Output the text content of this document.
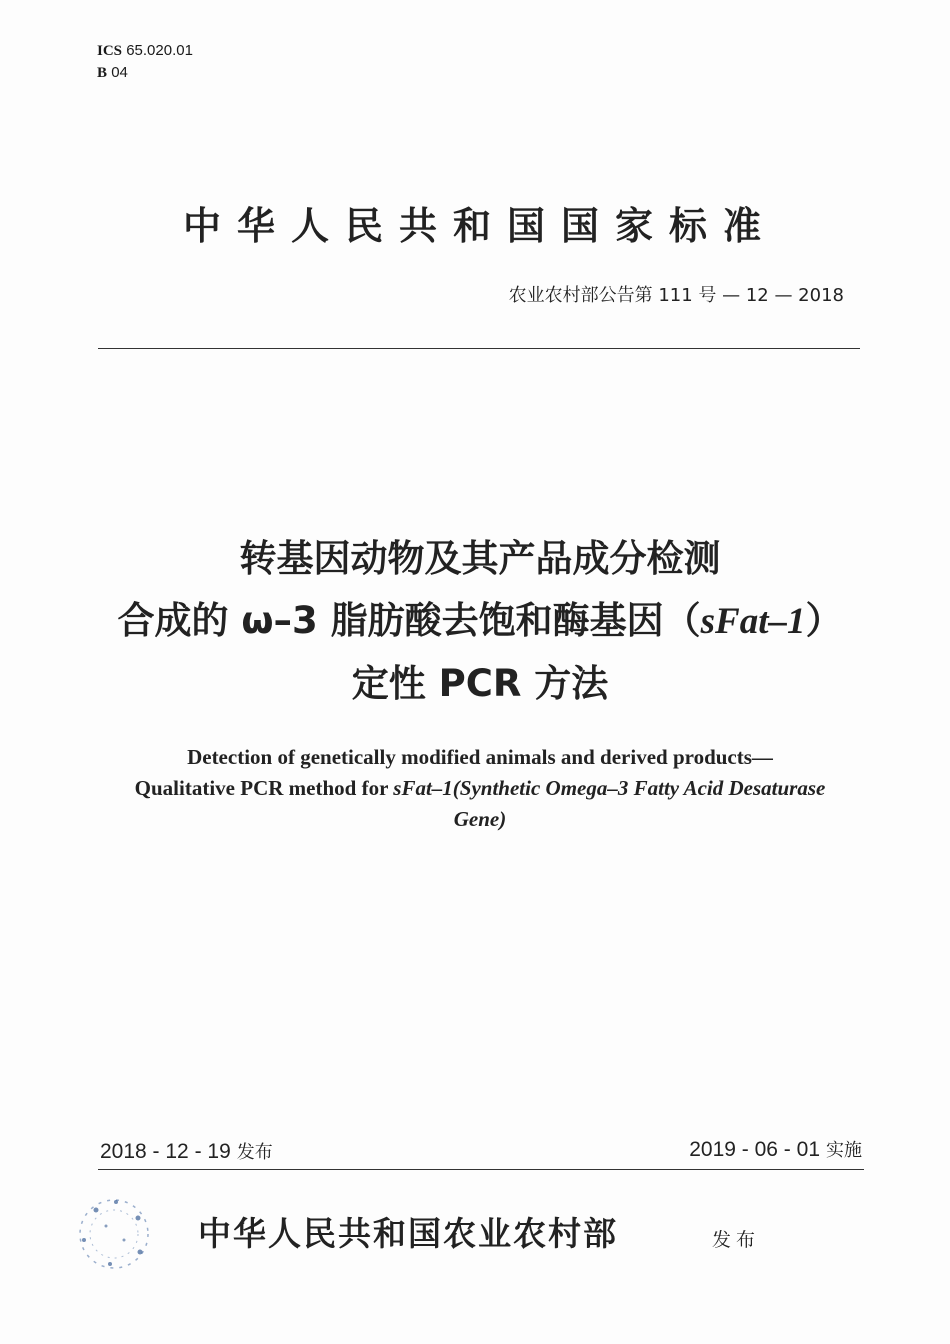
ICS 65.020.01
B 04
中华人民共和国国家标准
农业农村部公告第 111 号 — 12 — 2018
转基因动物及其产品成分检测
合成的 ω–3 脂肪酸去饱和酶基因（sFat–1）
定性 PCR 方法
Detection of genetically modified animals and derived products—
Qualitative PCR method for sFat–1(Synthetic Omega–3 Fatty Acid Desaturase
Gene)
2018 - 12 - 19 发布	2019 - 06 - 01 实施
中华人民共和国农业农村部	发布
